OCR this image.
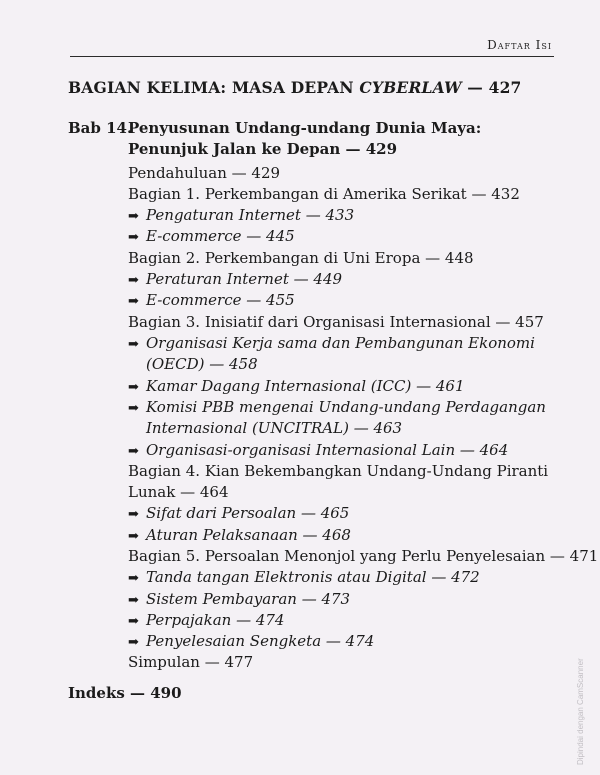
Daftar Isi
BAGIAN KELIMA: MASA DEPAN CYBERLAW — 427
Bab 14.
Penyusunan Undang-undang Dunia Maya:
Penunjuk Jalan ke Depan — 429
Pendahuluan — 429
Bagian 1. Perkembangan di Amerika Serikat — 432
➡ Pengaturan Internet — 433
➡ E-commerce — 445
Bagian 2. Perkembangan di Uni Eropa — 448
➡ Peraturan Internet — 449
➡ E-commerce — 455
Bagian 3. Inisiatif dari Organisasi Internasional — 457
➡ Organisasi Kerja sama dan Pembangunan Ekonomi
(OECD) — 458
➡ Kamar Dagang Internasional (ICC) — 461
➡ Komisi PBB mengenai Undang-undang Perdagangan
Internasional (UNCITRAL) — 463
➡ Organisasi-organisasi Internasional Lain — 464
Bagian 4. Kian Bekembangkan Undang-Undang Piranti
Lunak — 464
➡ Sifat dari Persoalan — 465
➡ Aturan Pelaksanaan — 468
Bagian 5. Persoalan Menonjol yang Perlu Penyelesaian — 471
➡ Tanda tangan Elektronis atau Digital — 472
➡ Sistem Pembayaran — 473
➡ Perpajakan — 474
➡ Penyelesaian Sengketa — 474
Simpulan — 477
Indeks — 490	Dipindai dengan CamScanner
